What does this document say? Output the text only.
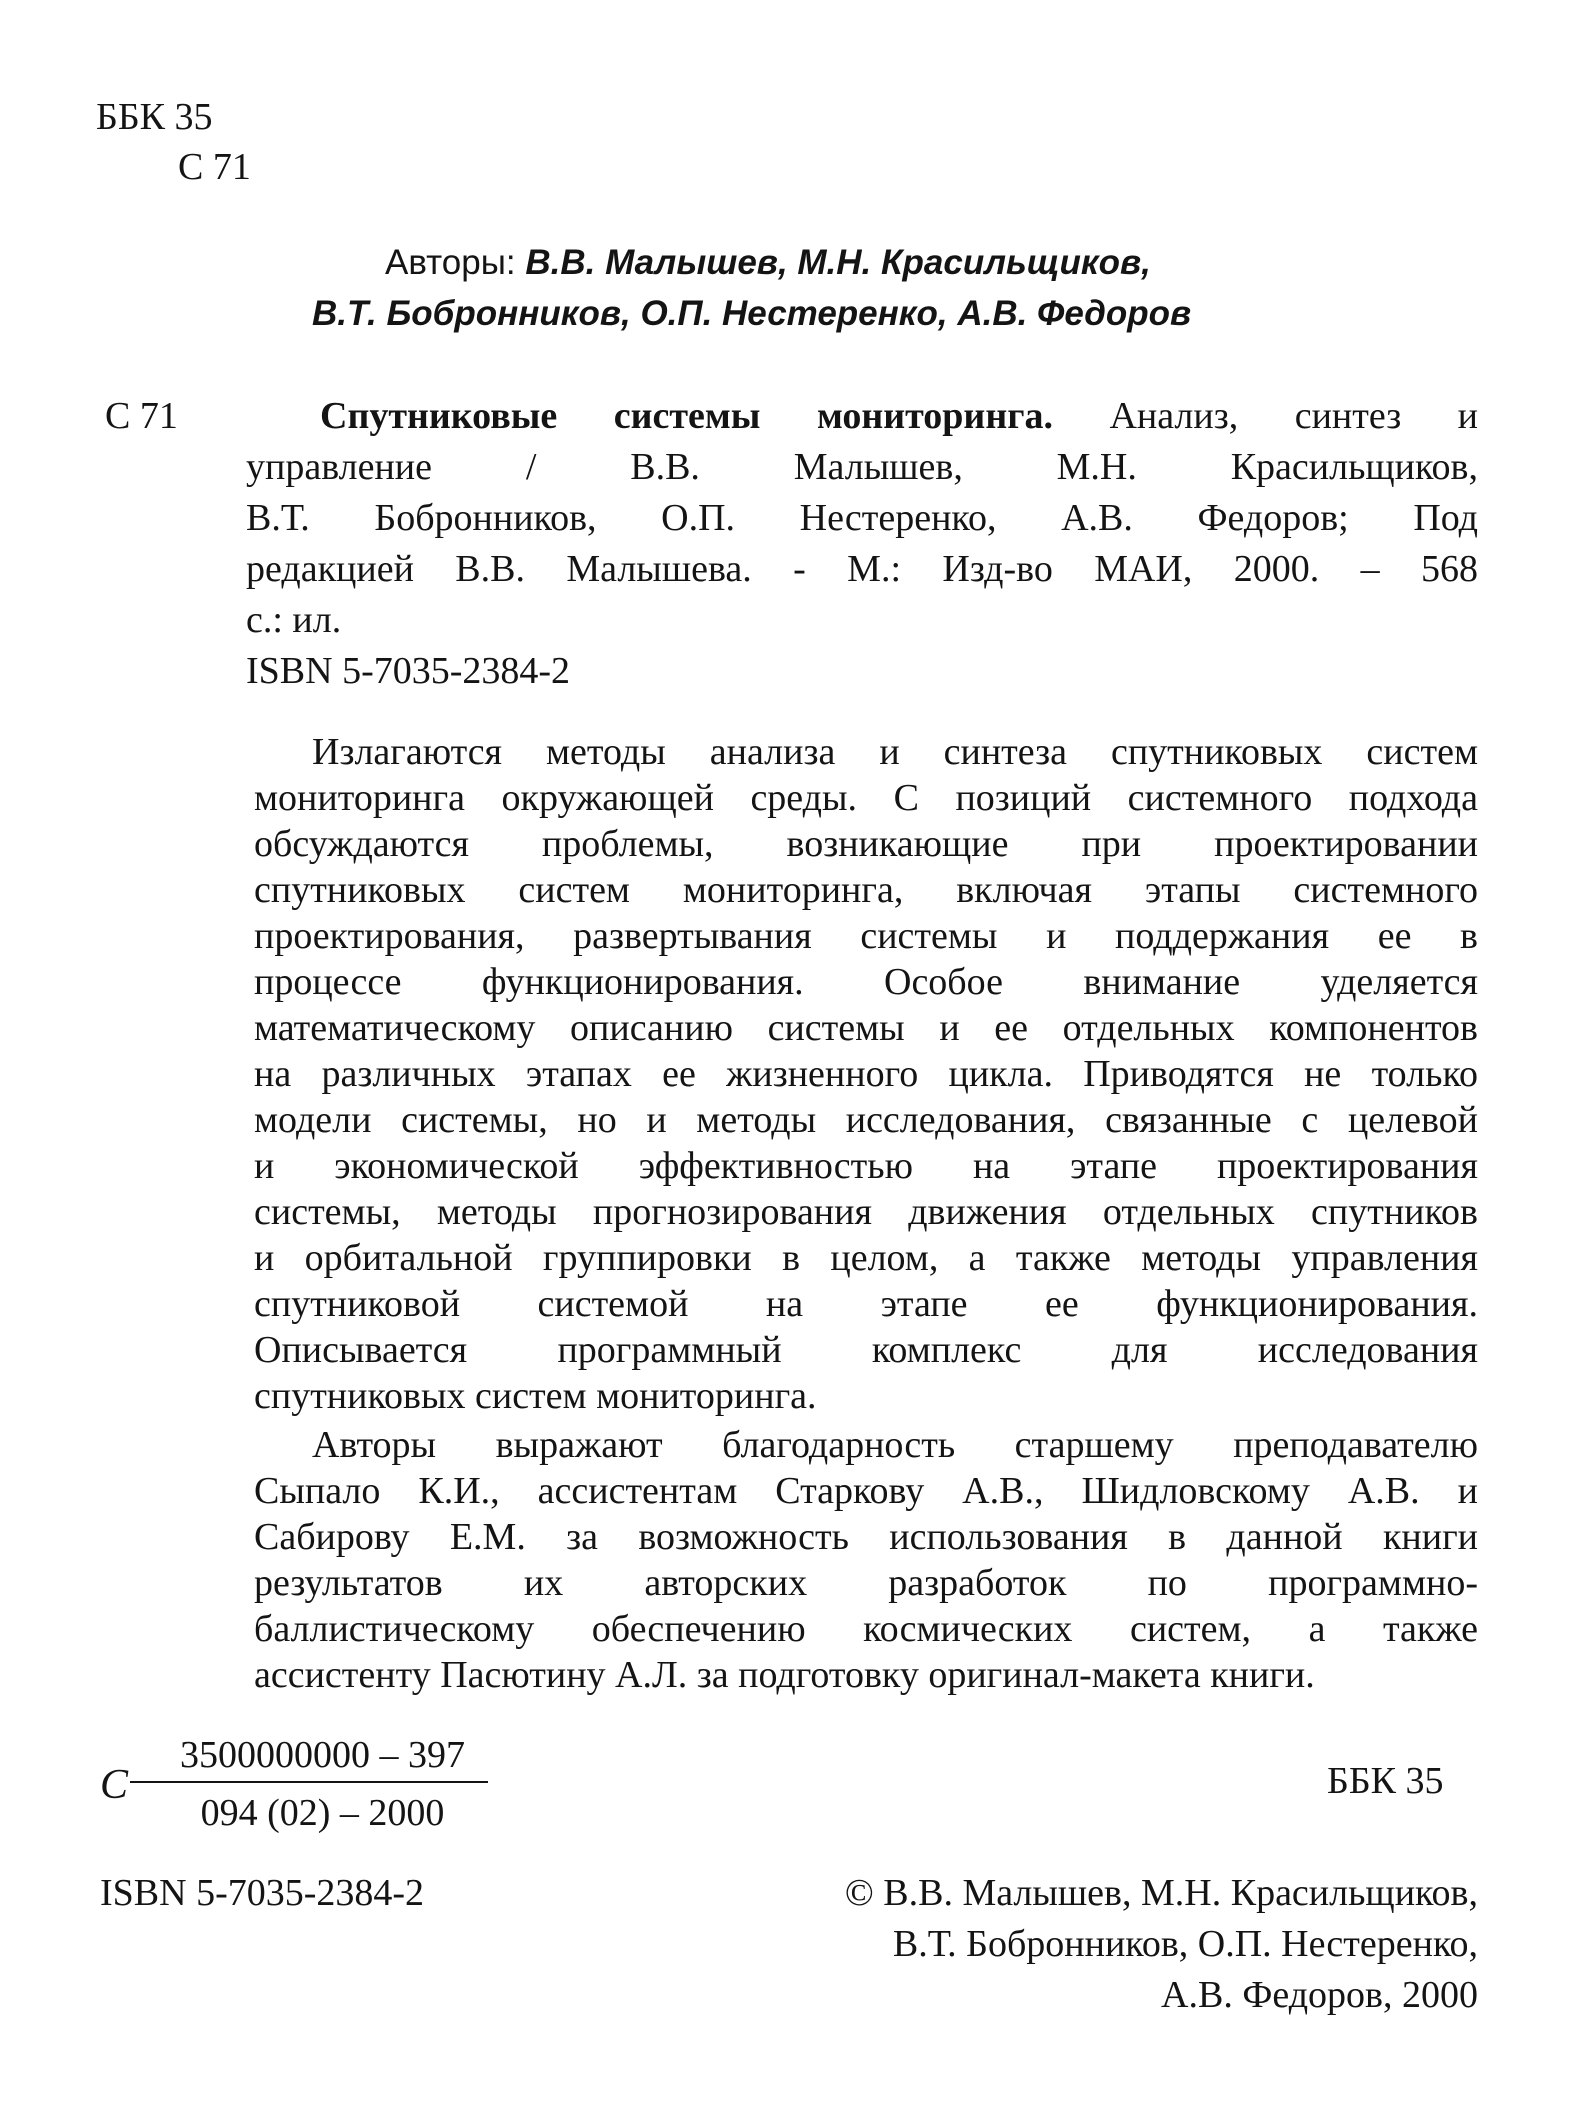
ББК 35
С 71
Авторы: В.В. Малышев, М.Н. Красильщиков,
В.Т. Бобронников, О.П. Нестеренко, А.В. Федоров
С 71	Спутниковые системы мониторинга. Анализ, синтез и
управление / В.В. Малышев, М.Н. Красильщиков,
В.Т. Бобронников, О.П. Нестеренко, А.В. Федоров; Под
редакцией В.В. Малышева. - М.: Изд-во МАИ, 2000. – 568
с.: ил.
ISBN 5-7035-2384-2
Излагаются методы анализа и синтеза спутниковых систем
мониторинга окружающей среды. С позиций системного подхода
обсуждаются проблемы, возникающие при проектировании
спутниковых систем мониторинга, включая этапы системного
проектирования, развертывания системы и поддержания ее в
процессе функционирования. Особое внимание уделяется
математическому описанию системы и ее отдельных компонентов
на различных этапах ее жизненного цикла. Приводятся не только
модели системы, но и методы исследования, связанные с целевой
и экономической эффективностью на этапе проектирования
системы, методы прогнозирования движения отдельных спутников
и орбитальной группировки в целом, а также методы управления
спутниковой системой на этапе ее функционирования.
Описывается программный комплекс для исследования
спутниковых систем мониторинга.
Авторы выражают благодарность старшему преподавателю
Сыпало К.И., ассистентам Старкову А.В., Шидловскому А.В. и
Сабирову Е.М. за возможность использования в данной книги
результатов их авторских разработок по программно-
баллистическому обеспечению космических систем, а также
ассистенту Пасютину А.Л. за подготовку оригинал-макета книги.
С
3500000000 – 397
094 (02) – 2000
ББК 35
ISBN 5-7035-2384-2	© В.В. Малышев, М.Н. Красильщиков,
В.Т. Бобронников, О.П. Нестеренко,
А.В. Федоров, 2000
